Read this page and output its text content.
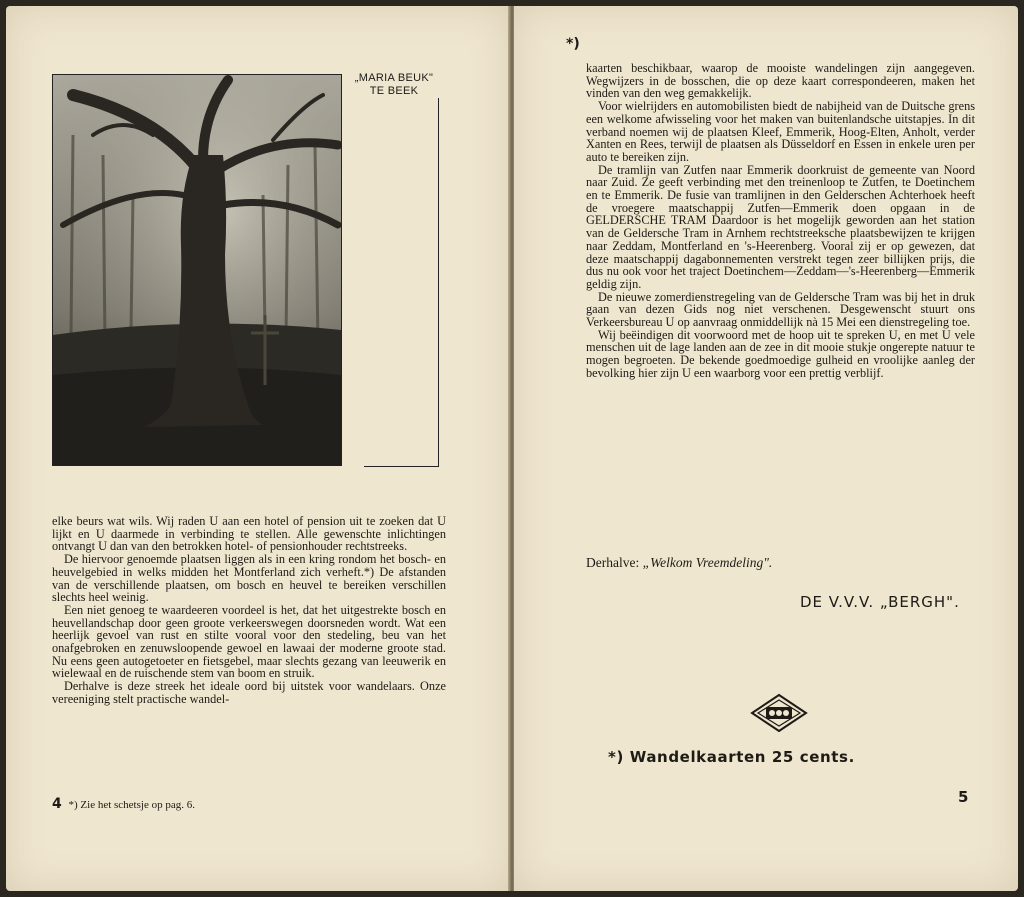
„MARIA BEUK"
TE BEEK

elke beurs wat wils. Wij raden U aan een hotel of pension uit te zoeken dat U lijkt en U daarmede in verbinding te stellen. Alle gewenschte inlichtingen ontvangt U dan van den betrokken hotel- of pensionhouder rechtstreeks.

De hiervoor genoemde plaatsen liggen als in een kring rondom het bosch- en heuvelgebied in welks midden het Montferland zich verheft.*) De afstanden van de verschillende plaatsen, om bosch en heuvel te bereiken verschillen slechts heel weinig.

Een niet genoeg te waardeeren voordeel is het, dat het uitgestrekte bosch en heuvellandschap door geen groote verkeerswegen doorsneden wordt. Wat een heerlijk gevoel van rust en stilte vooral voor den stedeling, beu van het onafgebroken en zenuwsloopende gewoel en lawaai der moderne groote stad. Nu eens geen autogetoeter en fietsgebel, maar slechts gezang van leeuwerik en wielewaal en de ruischende stem van boom en struik.

Derhalve is deze streek het ideale oord bij uitstek voor wandelaars. Onze vereeniging stelt practische wandel-

4 *) Zie het schetsje op pag. 6.
*)

kaarten beschikbaar, waarop de mooiste wandelingen zijn aangegeven. Wegwijzers in de bosschen, die op deze kaart correspondeeren, maken het vinden van den weg gemakkelijk.

Voor wielrijders en automobilisten biedt de nabijheid van de Duitsche grens een welkome afwisseling voor het maken van buitenlandsche uitstapjes. In dit verband noemen wij de plaatsen Kleef, Emmerik, Hoog-Elten, Anholt, verder Xanten en Rees, terwijl de plaatsen als Düsseldorf en Essen in enkele uren per auto te bereiken zijn.

De tramlijn van Zutfen naar Emmerik doorkruist de gemeente van Noord naar Zuid. Ze geeft verbinding met den treinenloop te Zutfen, te Doetinchem en te Emmerik. De fusie van tramlijnen in den Gelderschen Achterhoek heeft de vroegere maatschappij Zutfen—Emmerik doen opgaan in de GELDERSCHE TRAM Daardoor is het mogelijk geworden aan het station van de Geldersche Tram in Arnhem rechtstreeksche plaatsbewijzen te krijgen naar Zeddam, Montferland en 's-Heerenberg. Vooral zij er op gewezen, dat deze maatschappij dagabonnementen verstrekt tegen zeer billijken prijs, die dus nu ook voor het traject Doetinchem—Zeddam—'s-Heerenberg—Emmerik geldig zijn.

De nieuwe zomerdienstregeling van de Geldersche Tram was bij het in druk gaan van dezen Gids nog niet verschenen. Desgewenscht stuurt ons Verkeersbureau U op aanvraag onmiddellijk nà 15 Mei een dienstregeling toe.

Wij beëindigen dit voorwoord met de hoop uit te spreken U, en met U vele menschen uit de lage landen aan de zee in dit mooie stukje ongerepte natuur te mogen begroeten. De bekende goedmoedige gulheid en vroolijke aanleg der bevolking hier zijn U een waarborg voor een prettig verblijf.

Derhalve: „Welkom Vreemdeling".
DE V.V.V. „BERGH".
*) Wandelkaarten 25 cents.
5
